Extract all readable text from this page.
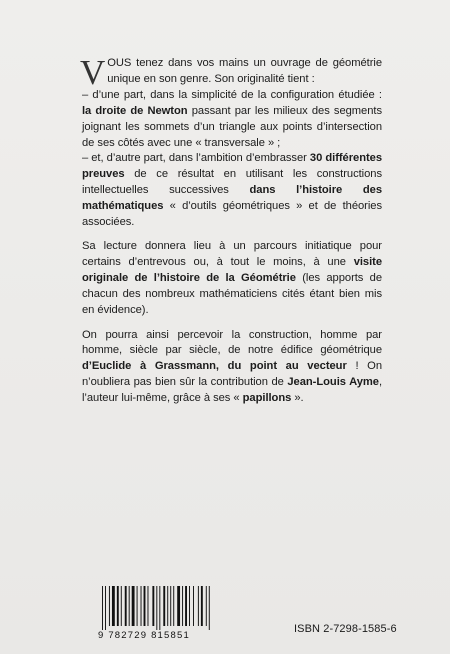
VOUS tenez dans vos mains un ouvrage de géométrie unique en son genre. Son originalité tient :
– d’une part, dans la simplicité de la configuration étudiée : la droite de Newton passant par les milieux des segments joignant les sommets d’un triangle aux points d’intersection de ses côtés avec une « transversale » ;
– et, d’autre part, dans l’ambition d’embrasser 30 différentes preuves de ce résultat en utilisant les constructions intellectuelles successives dans l’histoire des mathématiques « d’outils géométriques » et de théories associées.

Sa lecture donnera lieu à un parcours initiatique pour certains d’entrevous ou, à tout le moins, à une visite originale de l’histoire de la Géométrie (les apports de chacun des nombreux mathématiciens cités étant bien mis en évidence).

On pourra ainsi percevoir la construction, homme par homme, siècle par siècle, de notre édifice géométrique d’Euclide à Grassmann, du point au vecteur ! On n’oubliera pas bien sûr la contribution de Jean-Louis Ayme, l’auteur lui-même, grâce à ses « papillons ».

9 782729 815851
ISBN 2-7298-1585-6
